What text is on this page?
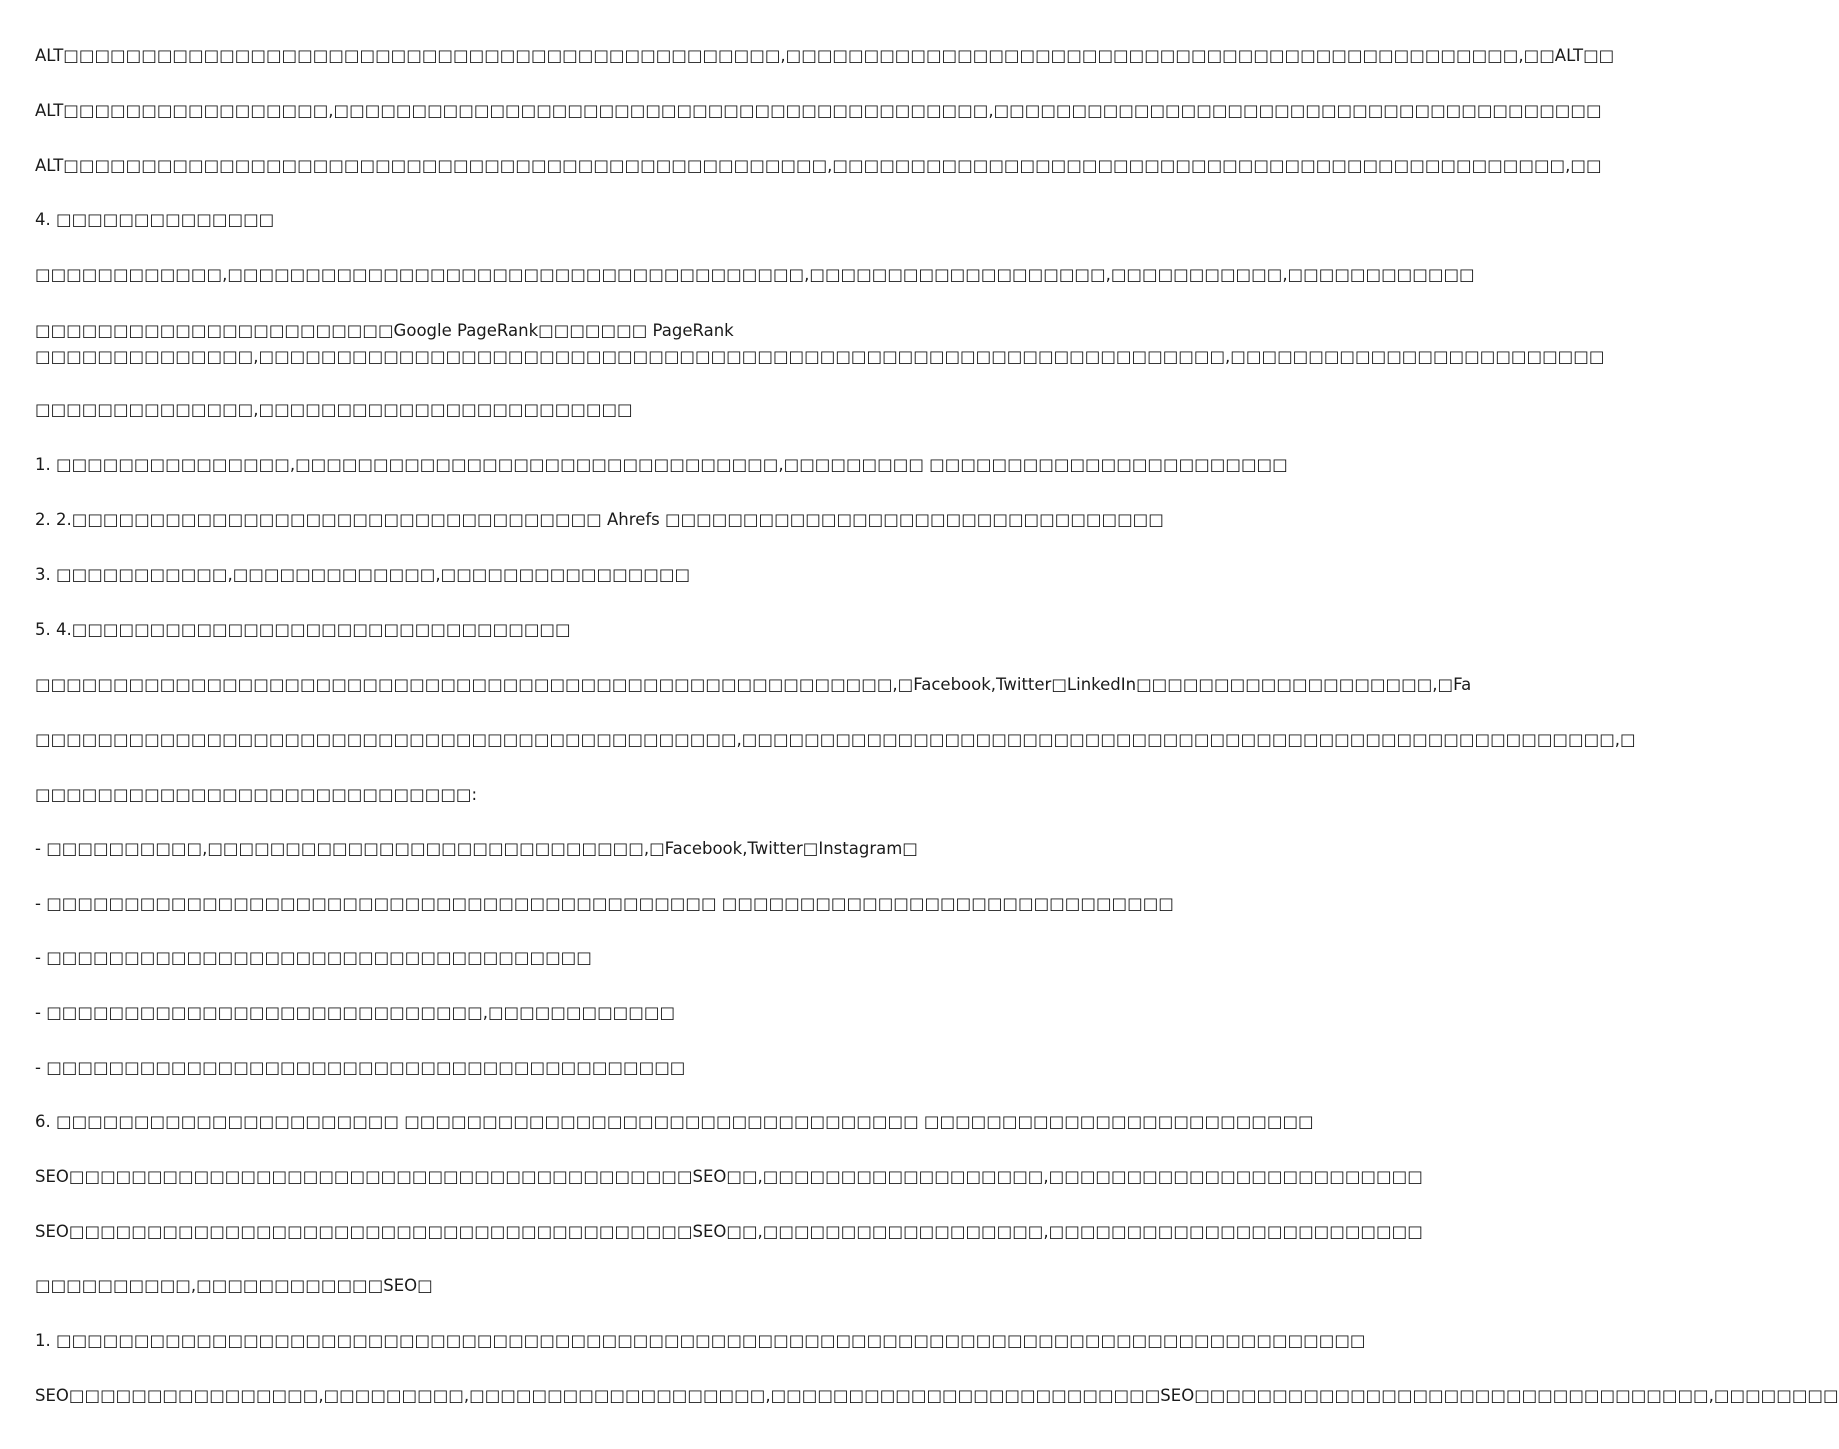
ALT□□□□□□□□□□□□□□□□□□□□□□□□□□□□□□□□□□□□□□□□□□□□□□,□□□□□□□□□□□□□□□□□□□□□□□□□□□□□□□□□□□□□□□□□□□□□□□,□□ALT□□

ALT□□□□□□□□□□□□□□□□□,□□□□□□□□□□□□□□□□□□□□□□□□□□□□□□□□□□□□□□□□□□,□□□□□□□□□□□□□□□□□□□□□□□□□□□□□□□□□□□□□□□

ALT□□□□□□□□□□□□□□□□□□□□□□□□□□□□□□□□□□□□□□□□□□□□□□□□□,□□□□□□□□□□□□□□□□□□□□□□□□□□□□□□□□□□□□□□□□□□□□□□□,□□

4. □□□□□□□□□□□□□□

□□□□□□□□□□□□,□□□□□□□□□□□□□□□□□□□□□□□□□□□□□□□□□□□□□,□□□□□□□□□□□□□□□□□□□,□□□□□□□□□□□,□□□□□□□□□□□□

□□□□□□□□□□□□□□□□□□□□□□□Google PageRank□□□□□□□ PageRank
□□□□□□□□□□□□□□,□□□□□□□□□□□□□□□□□□□□□□□□□□□□□□□□□□□□□□□□□□□□□□□□□□□□□□□□□□□□□□,□□□□□□□□□□□□□□□□□□□□□□□□

□□□□□□□□□□□□□□,□□□□□□□□□□□□□□□□□□□□□□□□

1. □□□□□□□□□□□□□□□,□□□□□□□□□□□□□□□□□□□□□□□□□□□□□□□,□□□□□□□□□ □□□□□□□□□□□□□□□□□□□□□□□

2. 2.□□□□□□□□□□□□□□□□□□□□□□□□□□□□□□□□□□ Ahrefs □□□□□□□□□□□□□□□□□□□□□□□□□□□□□□□□

3. □□□□□□□□□□□,□□□□□□□□□□□□□,□□□□□□□□□□□□□□□□

5. 4.□□□□□□□□□□□□□□□□□□□□□□□□□□□□□□□□

□□□□□□□□□□□□□□□□□□□□□□□□□□□□□□□□□□□□□□□□□□□□□□□□□□□□□□□,□Facebook,Twitter□LinkedIn□□□□□□□□□□□□□□□□□□□,□Fa

□□□□□□□□□□□□□□□□□□□□□□□□□□□□□□□□□□□□□□□□□□□□□,□□□□□□□□□□□□□□□□□□□□□□□□□□□□□□□□□□□□□□□□□□□□□□□□□□□□□□□□,□

□□□□□□□□□□□□□□□□□□□□□□□□□□□□:

- □□□□□□□□□□,□□□□□□□□□□□□□□□□□□□□□□□□□□□□,□Facebook,Twitter□Instagram□

- □□□□□□□□□□□□□□□□□□□□□□□□□□□□□□□□□□□□□□□□□□□ □□□□□□□□□□□□□□□□□□□□□□□□□□□□□

- □□□□□□□□□□□□□□□□□□□□□□□□□□□□□□□□□□□

- □□□□□□□□□□□□□□□□□□□□□□□□□□□□,□□□□□□□□□□□□

- □□□□□□□□□□□□□□□□□□□□□□□□□□□□□□□□□□□□□□□□□

6. □□□□□□□□□□□□□□□□□□□□□□ □□□□□□□□□□□□□□□□□□□□□□□□□□□□□□□□□ □□□□□□□□□□□□□□□□□□□□□□□□□

SEO□□□□□□□□□□□□□□□□□□□□□□□□□□□□□□□□□□□□□□□□SEO□□,□□□□□□□□□□□□□□□□□□,□□□□□□□□□□□□□□□□□□□□□□□□

SEO□□□□□□□□□□□□□□□□□□□□□□□□□□□□□□□□□□□□□□□□SEO□□,□□□□□□□□□□□□□□□□□□,□□□□□□□□□□□□□□□□□□□□□□□□

□□□□□□□□□□,□□□□□□□□□□□□SEO□

1. □□□□□□□□□□□□□□□□□□□□□□□□□□□□□□□□□□□□□□□□□□□□□□□□□□□□□□□□□□□□□□□□□□□□□□□□□□□□□□□□□□□□

SEO□□□□□□□□□□□□□□□□,□□□□□□□□□,□□□□□□□□□□□□□□□□□□□,□□□□□□□□□□□□□□□□□□□□□□□□□SEO□□□□□□□□□□□□□□□□□□□□□□□□□□□□□□□□□,□□□□□□□□
